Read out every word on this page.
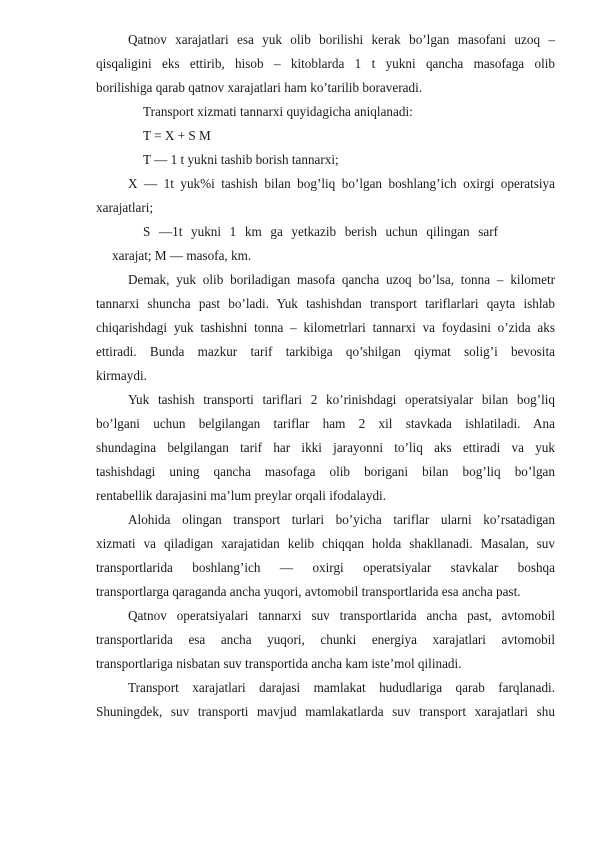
Qatnov xarajatlari esa yuk olib borilishi kerak bo’lgan masofani uzoq –
qisqaligini eks ettirib, hisob – kitoblarda 1 t yukni qancha masofaga olib
borilishiga qarab qatnov xarajatlari ham ko’tarilib boraveradi.
Transport xizmati tannarxi quyidagicha aniqlanadi:
T = X + S M
T — 1 t yukni tashib borish tannarxi;
X — 1t yuk%i tashish bilan bog’liq bo’lgan boshlang’ich oxirgi operatsiya
xarajatlari;
S —1t yukni 1 km ga yetkazib berish uchun qilingan sarf
xarajat; M — masofa, km.
Demak, yuk olib boriladigan masofa qancha uzoq bo’lsa, tonna – kilometr
tannarxi shuncha past bo’ladi. Yuk tashishdan transport tariflarlari qayta ishlab
chiqarishdagi yuk tashishni tonna – kilometrlari tannarxi va foydasini o’zida aks
ettiradi. Bunda mazkur tarif tarkibiga qo’shilgan qiymat solig’i bevosita
kirmaydi.
Yuk tashish transporti tariflari 2 ko’rinishdagi operatsiyalar bilan bog’liq
bo’lgani uchun belgilangan tariflar ham 2 xil stavkada ishlatiladi. Ana
shundagina belgilangan tarif har ikki jarayonni to’liq aks ettiradi va yuk
tashishdagi uning qancha masofaga olib borigani bilan bog’liq bo’lgan
rentabellik darajasini ma’lum preylar orqali ifodalaydi.
Alohida olingan transport turlari bo’yicha tariflar ularni ko’rsatadigan
xizmati va qiladigan xarajatidan kelib chiqqan holda shakllanadi. Masalan, suv
transportlarida boshlang’ich — oxirgi operatsiyalar stavkalar boshqa
transportlarga qaraganda ancha yuqori, avtomobil transportlarida esa ancha past.
Qatnov operatsiyalari tannarxi suv transportlarida ancha past, avtomobil
transportlarida esa ancha yuqori, chunki energiya xarajatlari avtomobil
transportlariga nisbatan suv transportida ancha kam iste’mol qilinadi.
Transport xarajatlari darajasi mamlakat hududlariga qarab farqlanadi.
Shuningdek, suv transporti mavjud mamlakatlarda suv transport xarajatlari shu
